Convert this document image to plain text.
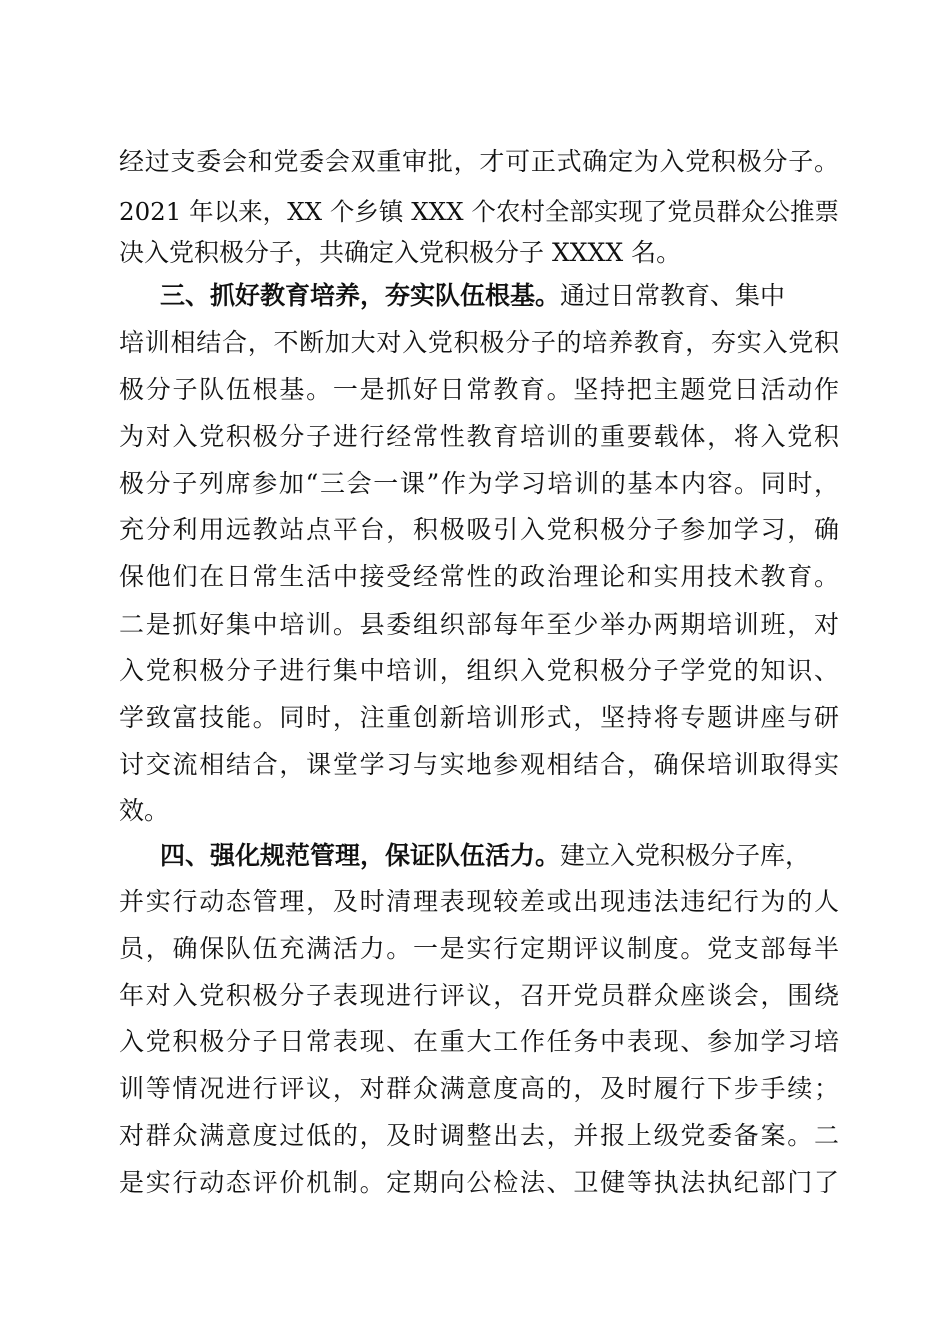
经过支委会和党委会双重审批，才可正式确定为入党积极分子。
2021 年以来，XX 个乡镇 XXX 个农村全部实现了党员群众公推票
决入党积极分子，共确定入党积极分子 XXXX 名。
三、抓好教育培养，夯实队伍根基。通过日常教育、集中
培训相结合，不断加大对入党积极分子的培养教育，夯实入党积
极分子队伍根基。一是抓好日常教育。坚持把主题党日活动作
为对入党积极分子进行经常性教育培训的重要载体，将入党积
极分子列席参加“三会一课”作为学习培训的基本内容。同时，
充分利用远教站点平台，积极吸引入党积极分子参加学习，确
保他们在日常生活中接受经常性的政治理论和实用技术教育。
二是抓好集中培训。县委组织部每年至少举办两期培训班，对
入党积极分子进行集中培训，组织入党积极分子学党的知识、
学致富技能。同时，注重创新培训形式，坚持将专题讲座与研
讨交流相结合，课堂学习与实地参观相结合，确保培训取得实
效。
四、强化规范管理，保证队伍活力。建立入党积极分子库，
并实行动态管理，及时清理表现较差或出现违法违纪行为的人
员，确保队伍充满活力。一是实行定期评议制度。党支部每半
年对入党积极分子表现进行评议，召开党员群众座谈会，围绕
入党积极分子日常表现、在重大工作任务中表现、参加学习培
训等情况进行评议，对群众满意度高的，及时履行下步手续；
对群众满意度过低的，及时调整出去，并报上级党委备案。二
是实行动态评价机制。定期向公检法、卫健等执法执纪部门了
